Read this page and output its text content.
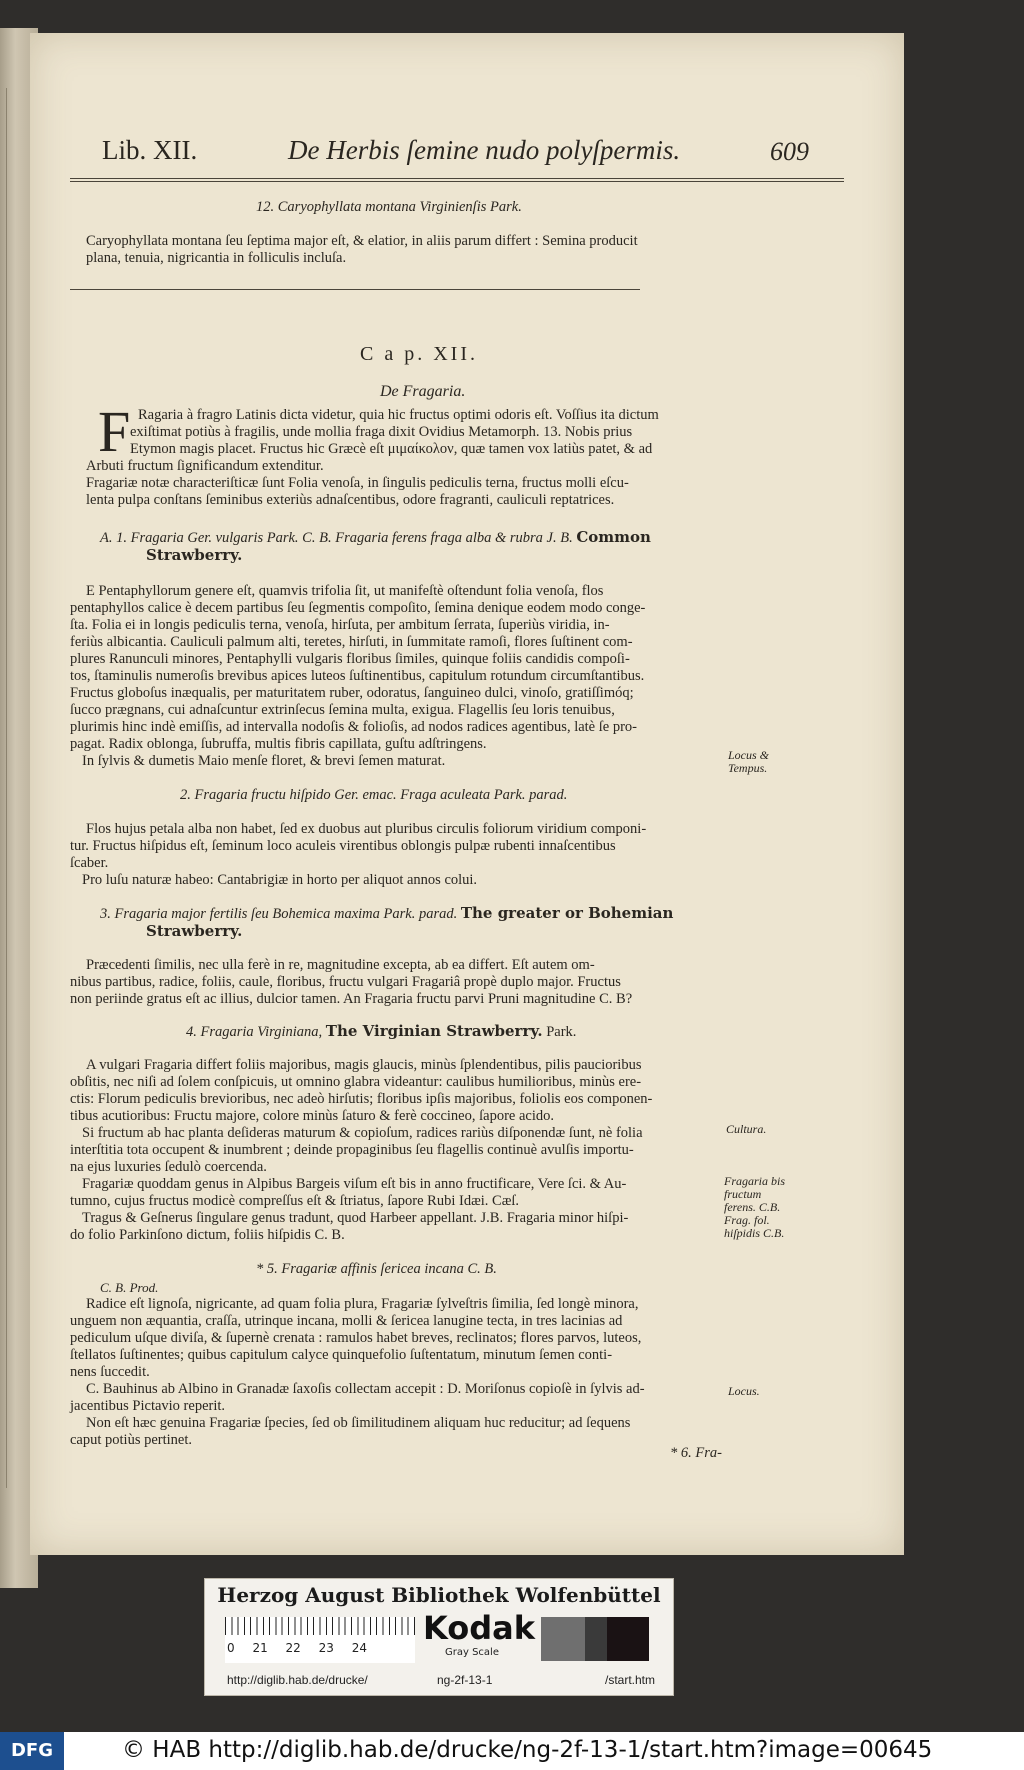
Lib. XII.	De Herbis ſemine nudo polyſpermis.	609
12. Caryophyllata montana Virginienſis Park.
Caryophyllata montana ſeu ſeptima major eſt, & elatior, in aliis parum differt : Semina producit
plana, tenuia, nigricantia in folliculis incluſa.
C a p. XII.
De Fragaria.
F Ragaria à fragro Latinis dicta videtur, quia hic fructus optimi odoris eſt. Voſſius ita dictum
exiſtimat potiùs à fragilis, unde mollia fraga dixit Ovidius Metamorph. 13. Nobis prius
Etymon magis placet. Fructus hic Græcè eſt μιμαίκολον, quæ tamen vox latiùs patet, & ad
Arbuti fructum ſignificandum extenditur.
Fragariæ notæ characteriſticæ ſunt Folia venoſa, in ſingulis pediculis terna, fructus molli eſcu-
lenta pulpa conſtans ſeminibus exteriùs adnaſcentibus, odore fragranti, cauliculi reptatrices.
A. 1. Fragaria Ger. vulgaris Park. C. B. Fragaria ferens fraga alba & rubra J. B. Common
Strawberry.
E Pentaphyllorum genere eſt, quamvis trifolia ſit, ut manifeſtè oſtendunt folia venoſa, flos
pentaphyllos calice è decem partibus ſeu ſegmentis compoſito, ſemina denique eodem modo conge-
ſta. Folia ei in longis pediculis terna, venoſa, hirſuta, per ambitum ſerrata, ſuperiùs viridia, in-
feriùs albicantia. Cauliculi palmum alti, teretes, hirſuti, in ſummitate ramoſi, flores ſuſtinent com-
plures Ranunculi minores, Pentaphylli vulgaris floribus ſimiles, quinque foliis candidis compoſi-
tos, ſtaminulis numeroſis brevibus apices luteos ſuſtinentibus, capitulum rotundum circumſtantibus.
Fructus globoſus inæqualis, per maturitatem ruber, odoratus, ſanguineo dulci, vinoſo, gratiſſimóq;
ſucco prægnans, cui adnaſcuntur extrinſecus ſemina multa, exigua. Flagellis ſeu loris tenuibus,
plurimis hinc indè emiſſis, ad intervalla nodoſis & folioſis, ad nodos radices agentibus, latè ſe pro-
pagat. Radix oblonga, ſubruffa, multis fibris capillata, guſtu adſtringens.
In ſylvis & dumetis Maio menſe floret, & brevi ſemen maturat.
2. Fragaria fructu hiſpido Ger. emac. Fraga aculeata Park. parad.
Flos hujus petala alba non habet, ſed ex duobus aut pluribus circulis foliorum viridium componi-
tur. Fructus hiſpidus eſt, ſeminum loco aculeis virentibus oblongis pulpæ rubenti innaſcentibus
ſcaber.
Pro luſu naturæ habeo: Cantabrigiæ in horto per aliquot annos colui.
3. Fragaria major fertilis ſeu Bohemica maxima Park. parad. The greater or Bohemian
Strawberry.
Præcedenti ſimilis, nec ulla ferè in re, magnitudine excepta, ab ea differt. Eſt autem om-
nibus partibus, radice, foliis, caule, floribus, fructu vulgari Fragariâ propè duplo major. Fructus
non periinde gratus eſt ac illius, dulcior tamen. An Fragaria fructu parvi Pruni magnitudine C. B?
4. Fragaria Virginiana, The Virginian Strawberry. Park.
A vulgari Fragaria differt foliis majoribus, magis glaucis, minùs ſplendentibus, pilis paucioribus
obſitis, nec niſi ad ſolem conſpicuis, ut omnino glabra videantur: caulibus humilioribus, minùs ere-
ctis: Florum pediculis brevioribus, nec adeò hirſutis; floribus ipſis majoribus, foliolis eos componen-
tibus acutioribus: Fructu majore, colore minùs ſaturo & ferè coccineo, ſapore acido.
Si fructum ab hac planta deſideras maturum & copioſum, radices rariùs diſponendæ ſunt, nè folia
interſtitia tota occupent & inumbrent ; deinde propaginibus ſeu flagellis continuè avulſis importu-
na ejus luxuries ſedulò coercenda.
Fragariæ quoddam genus in Alpibus Bargeis viſum eſt bis in anno fructificare, Vere ſci. & Au-
tumno, cujus fructus modicè compreſſus eſt & ſtriatus, ſapore Rubi Idæi. Cæſ.
Tragus & Geſnerus ſingulare genus tradunt, quod Harbeer appellant. J.B. Fragaria minor hiſpi-
do folio Parkinſono dictum, foliis hiſpidis C. B.
* 5. Fragariæ affinis ſericea incana C. B.
C. B. Prod.
Radice eſt lignoſa, nigricante, ad quam folia plura, Fragariæ ſylveſtris ſimilia, ſed longè minora,
unguem non æquantia, craſſa, utrinque incana, molli & ſericea lanugine tecta, in tres lacinias ad
pediculum uſque diviſa, & ſupernè crenata : ramulos habet breves, reclinatos; flores parvos, luteos,
ſtellatos ſuſtinentes; quibus capitulum calyce quinquefolio ſuſtentatum, minutum ſemen conti-
nens ſuccedit.
C. Bauhinus ab Albino in Granadæ ſaxoſis collectam accepit : D. Moriſonus copioſè in ſylvis ad-
jacentibus Pictavio reperit.
Non eſt hæc genuina Fragariæ ſpecies, ſed ob ſimilitudinem aliquam huc reducitur; ad ſequens
caput potiùs pertinet.
* 6. Fra-
Locus &
Tempus.
Cultura.
Fragaria bis
fructum
ferens. C.B.
Frag. fol.
hiſpidis C.B.
Locus.
Herzog August Bibliothek Wolfenbüttel
0 21 22 23 24
Kodak
Gray Scale
http://diglib.hab.de/drucke/	ng-2f-13-1	/start.htm
DFG	© HAB http://diglib.hab.de/drucke/ng-2f-13-1/start.htm?image=00645
